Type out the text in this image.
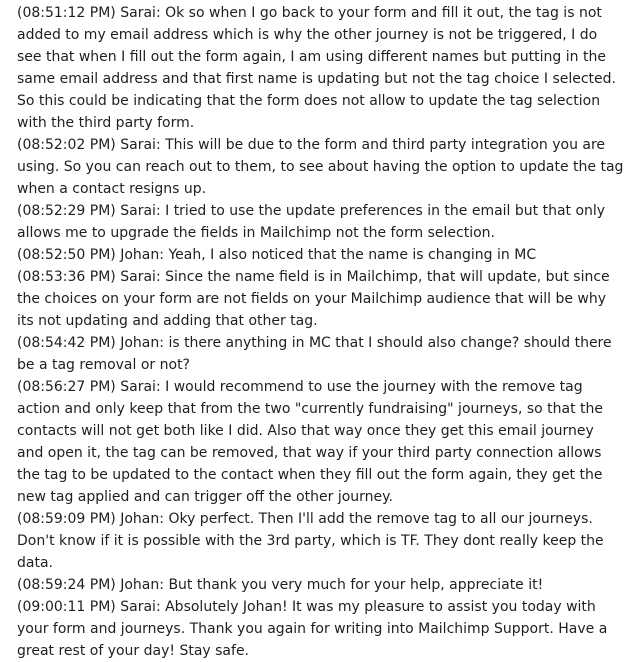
(08:51:12 PM) Sarai: Ok so when I go back to your form and fill it out, the tag is not added to my email address which is why the other journey is not be triggered, I do see that when I fill out the form again, I am using different names but putting in the same email address and that first name is updating but not the tag choice I selected. So this could be indicating that the form does not allow to update the tag selection with the third party form.

(08:52:02 PM) Sarai: This will be due to the form and third party integration you are using. So you can reach out to them, to see about having the option to update the tag when a contact resigns up.

(08:52:29 PM) Sarai: I tried to use the update preferences in the email but that only allows me to upgrade the fields in Mailchimp not the form selection.

(08:52:50 PM) Johan: Yeah, I also noticed that the name is changing in MC

(08:53:36 PM) Sarai: Since the name field is in Mailchimp, that will update, but since the choices on your form are not fields on your Mailchimp audience that will be why its not updating and adding that other tag.

(08:54:42 PM) Johan: is there anything in MC that I should also change? should there be a tag removal or not?

(08:56:27 PM) Sarai: I would recommend to use the journey with the remove tag action and only keep that from the two "currently fundraising" journeys, so that the contacts will not get both like I did. Also that way once they get this email journey and open it, the tag can be removed, that way if your third party connection allows the tag to be updated to the contact when they fill out the form again, they get the new tag applied and can trigger off the other journey.

(08:59:09 PM) Johan: Oky perfect. Then I'll add the remove tag to all our journeys. Don't know if it is possible with the 3rd party, which is TF. They dont really keep the data.

(08:59:24 PM) Johan: But thank you very much for your help, appreciate it!

(09:00:11 PM) Sarai: Absolutely Johan! It was my pleasure to assist you today with your form and journeys. Thank you again for writing into Mailchimp Support. Have a great rest of your day! Stay safe.
